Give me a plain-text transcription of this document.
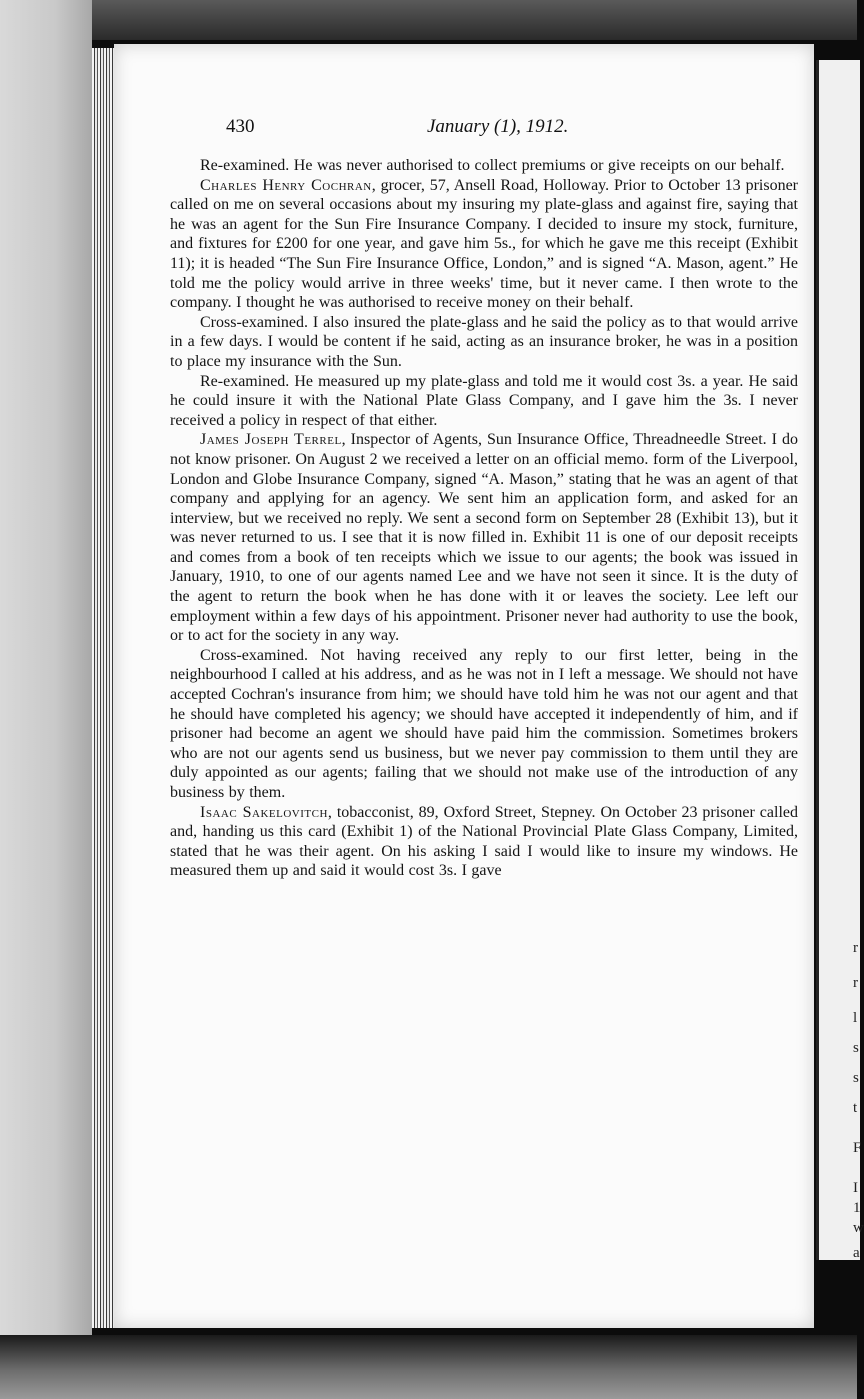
r
r
l
s
s
t
F
I
1
w
a
430	January (1), 1912.

Re-examined. He was never authorised to collect premiums or give receipts on our behalf.

Charles Henry Cochran, grocer, 57, Ansell Road, Holloway. Prior to October 13 prisoner called on me on several occasions about my insuring my plate-glass and against fire, saying that he was an agent for the Sun Fire Insurance Company. I decided to insure my stock, furniture, and fixtures for £200 for one year, and gave him 5s., for which he gave me this receipt (Exhibit 11); it is headed “The Sun Fire Insurance Office, London,” and is signed “A. Mason, agent.” He told me the policy would arrive in three weeks' time, but it never came. I then wrote to the company. I thought he was authorised to receive money on their behalf.

Cross-examined. I also insured the plate-glass and he said the policy as to that would arrive in a few days. I would be content if he said, acting as an insurance broker, he was in a position to place my insurance with the Sun.

Re-examined. He measured up my plate-glass and told me it would cost 3s. a year. He said he could insure it with the National Plate Glass Company, and I gave him the 3s. I never received a policy in respect of that either.

James Joseph Terrel, Inspector of Agents, Sun Insurance Office, Threadneedle Street. I do not know prisoner. On August 2 we received a letter on an official memo. form of the Liverpool, London and Globe Insurance Company, signed “A. Mason,” stating that he was an agent of that company and applying for an agency. We sent him an application form, and asked for an interview, but we received no reply. We sent a second form on September 28 (Exhibit 13), but it was never returned to us. I see that it is now filled in. Exhibit 11 is one of our deposit receipts and comes from a book of ten receipts which we issue to our agents; the book was issued in January, 1910, to one of our agents named Lee and we have not seen it since. It is the duty of the agent to return the book when he has done with it or leaves the society. Lee left our employment within a few days of his appointment. Prisoner never had authority to use the book, or to act for the society in any way.

Cross-examined. Not having received any reply to our first letter, being in the neighbourhood I called at his address, and as he was not in I left a message. We should not have accepted Cochran's insurance from him; we should have told him he was not our agent and that he should have completed his agency; we should have accepted it independently of him, and if prisoner had become an agent we should have paid him the commission. Sometimes brokers who are not our agents send us business, but we never pay commission to them until they are duly appointed as our agents; failing that we should not make use of the introduction of any business by them.

Isaac Sakelovitch, tobacconist, 89, Oxford Street, Stepney. On October 23 prisoner called and, handing us this card (Exhibit 1) of the National Provincial Plate Glass Company, Limited, stated that he was their agent. On his asking I said I would like to insure my windows. He measured them up and said it would cost 3s. I gave
